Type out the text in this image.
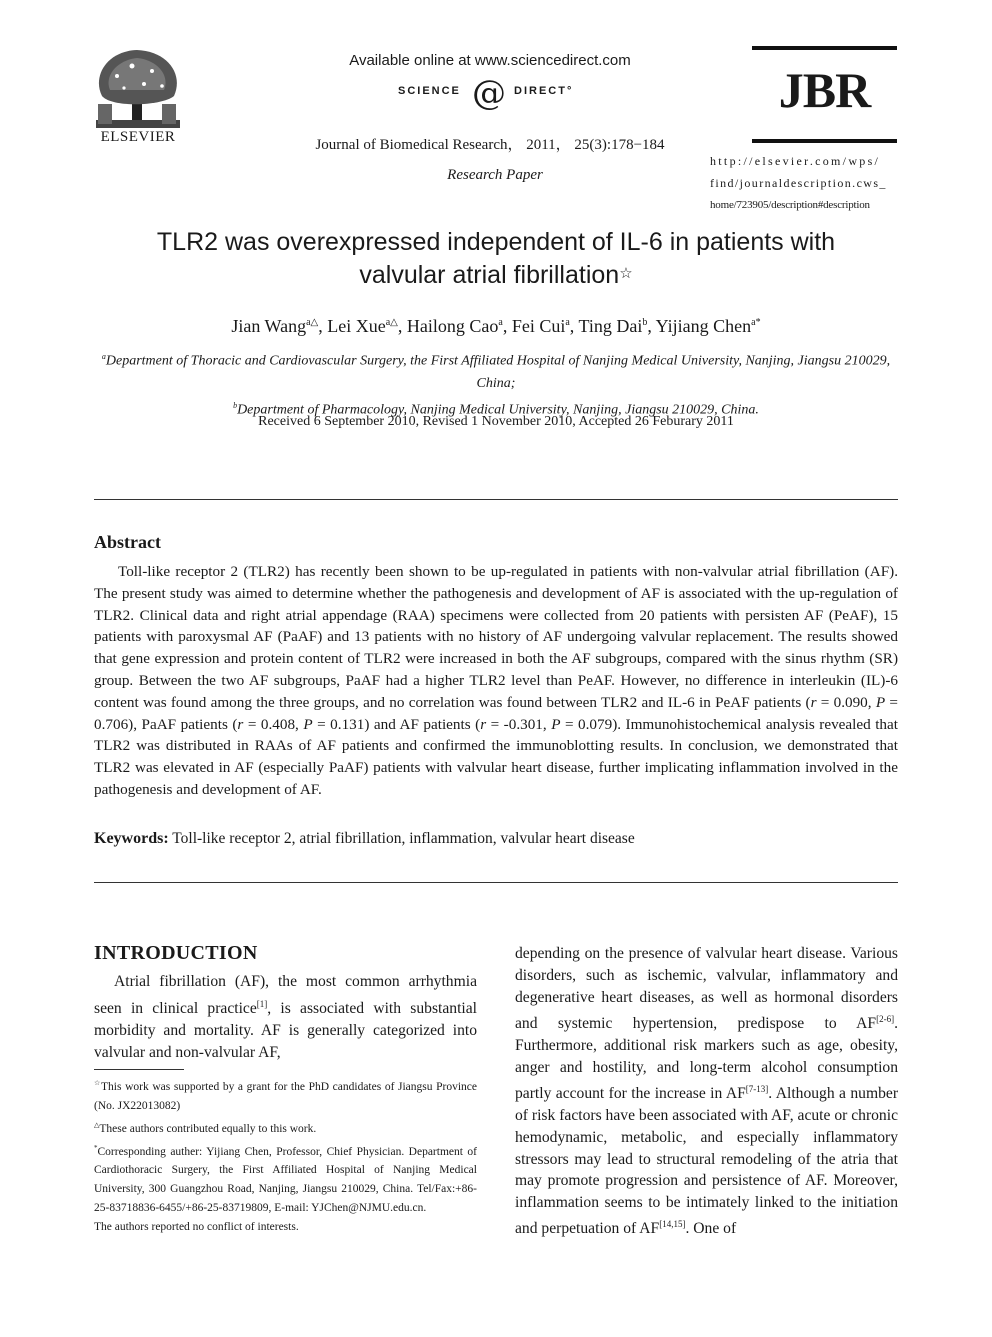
ELSEVIER
Available online at www.sciencedirect.com
SCIENCE @ DIRECT°
Journal of Biomedical Research， 2011， 25(3):178−184
Research Paper
JBR
http://elsevier.com/wps/
find/journaldescription.cws_
home/723905/description#description
TLR2 was overexpressed independent of IL-6 in patients with
valvular atrial fibrillation☆
Jian Wang$^{a\triangle}$, Lei Xue$^{a\triangle}$, Hailong Cao$^a$, Fei Cui$^a$, Ting Dai$^b$, Yijiang Chen$^{a*}$
$^a$Department of Thoracic and Cardiovascular Surgery, the First Affiliated Hospital of Nanjing Medical University, Nanjing, Jiangsu 210029, China;
$^b$Department of Pharmacology, Nanjing Medical University, Nanjing, Jiangsu 210029, China.
Received 6 September 2010, Revised 1 November 2010, Accepted 26 Feburary 2011
Abstract
Toll-like receptor 2 (TLR2) has recently been shown to be up-regulated in patients with non-valvular atrial fibrillation (AF). The present study was aimed to determine whether the pathogenesis and development of AF is associated with the up-regulation of TLR2. Clinical data and right atrial appendage (RAA) specimens were collected from 20 patients with persisten AF (PeAF), 15 patients with paroxysmal AF (PaAF) and 13 patients with no history of AF undergoing valvular replacement. The results showed that gene expression and protein content of TLR2 were increased in both the AF subgroups, compared with the sinus rhythm (SR) group. Between the two AF subgroups, PaAF had a higher TLR2 level than PeAF. However, no difference in interleukin (IL)-6 content was found among the three groups, and no correlation was found between TLR2 and IL-6 in PeAF patients (r = 0.090, P = 0.706), PaAF patients (r = 0.408, P = 0.131) and AF patients (r = -0.301, P = 0.079). Immunohistochemical analysis revealed that TLR2 was distributed in RAAs of AF patients and confirmed the immunoblotting results. In conclusion, we demonstrated that TLR2 was elevated in AF (especially PaAF) patients with valvular heart disease, further implicating inflammation involved in the pathogenesis and development of AF.
Keywords: Toll-like receptor 2, atrial fibrillation, inflammation, valvular heart disease
INTRODUCTION
Atrial fibrillation (AF), the most common arrhythmia seen in clinical practice[1], is associated with substantial morbidity and mortality. AF is generally categorized into valvular and non-valvular AF,

☆This work was supported by a grant for the PhD candidates of Jiangsu Province (No. JX22013082)

△These authors contributed equally to this work.

*Corresponding auther: Yijiang Chen, Professor, Chief Physician. Department of Cardiothoracic Surgery, the First Affiliated Hospital of Nanjing Medical University, 300 Guangzhou Road, Nanjing, Jiangsu 210029, China. Tel/Fax:+86-25-83718836-6455/+86-25-83719809, E-mail: YJChen@NJMU.edu.cn.

The authors reported no conflict of interests.

depending on the presence of valvular heart disease. Various disorders, such as ischemic, valvular, inflammatory and degenerative heart diseases, as well as hormonal disorders and systemic hypertension, predispose to AF[2-6]. Furthermore, additional risk markers such as age, obesity, anger and hostility, and long-term alcohol consumption partly account for the increase in AF[7-13]. Although a number of risk factors have been associated with AF, acute or chronic hemodynamic, metabolic, and especially inflammatory stressors may lead to structural remodeling of the atria that may promote progression and persistence of AF. Moreover, inflammation seems to be intimately linked to the initiation and perpetuation of AF[14,15]. One of
